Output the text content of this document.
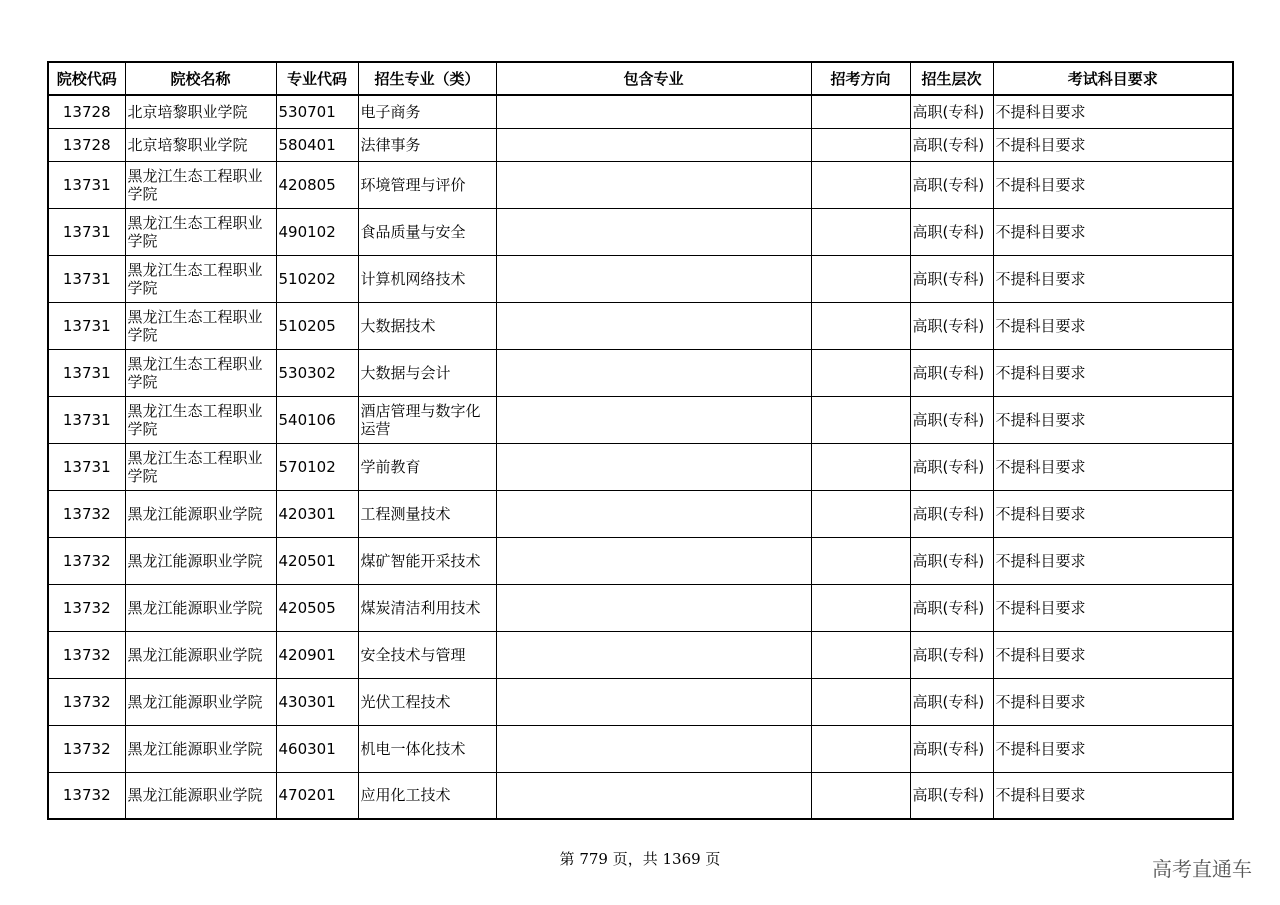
院校代码	院校名称	专业代码	招生专业（类）	包含专业	招考方向	招生层次	考试科目要求
13728	北京培黎职业学院	530701	电子商务			高职(专科)	不提科目要求
13728	北京培黎职业学院	580401	法律事务			高职(专科)	不提科目要求
13731	黑龙江生态工程职业学院	420805	环境管理与评价			高职(专科)	不提科目要求
13731	黑龙江生态工程职业学院	490102	食品质量与安全			高职(专科)	不提科目要求
13731	黑龙江生态工程职业学院	510202	计算机网络技术			高职(专科)	不提科目要求
13731	黑龙江生态工程职业学院	510205	大数据技术			高职(专科)	不提科目要求
13731	黑龙江生态工程职业学院	530302	大数据与会计			高职(专科)	不提科目要求
13731	黑龙江生态工程职业学院	540106	酒店管理与数字化运营			高职(专科)	不提科目要求
13731	黑龙江生态工程职业学院	570102	学前教育			高职(专科)	不提科目要求
13732	黑龙江能源职业学院	420301	工程测量技术			高职(专科)	不提科目要求
13732	黑龙江能源职业学院	420501	煤矿智能开采技术			高职(专科)	不提科目要求
13732	黑龙江能源职业学院	420505	煤炭清洁利用技术			高职(专科)	不提科目要求
13732	黑龙江能源职业学院	420901	安全技术与管理			高职(专科)	不提科目要求
13732	黑龙江能源职业学院	430301	光伏工程技术			高职(专科)	不提科目要求
13732	黑龙江能源职业学院	460301	机电一体化技术			高职(专科)	不提科目要求
13732	黑龙江能源职业学院	470201	应用化工技术			高职(专科)	不提科目要求
第 779 页，共 1369 页	高考直通车
